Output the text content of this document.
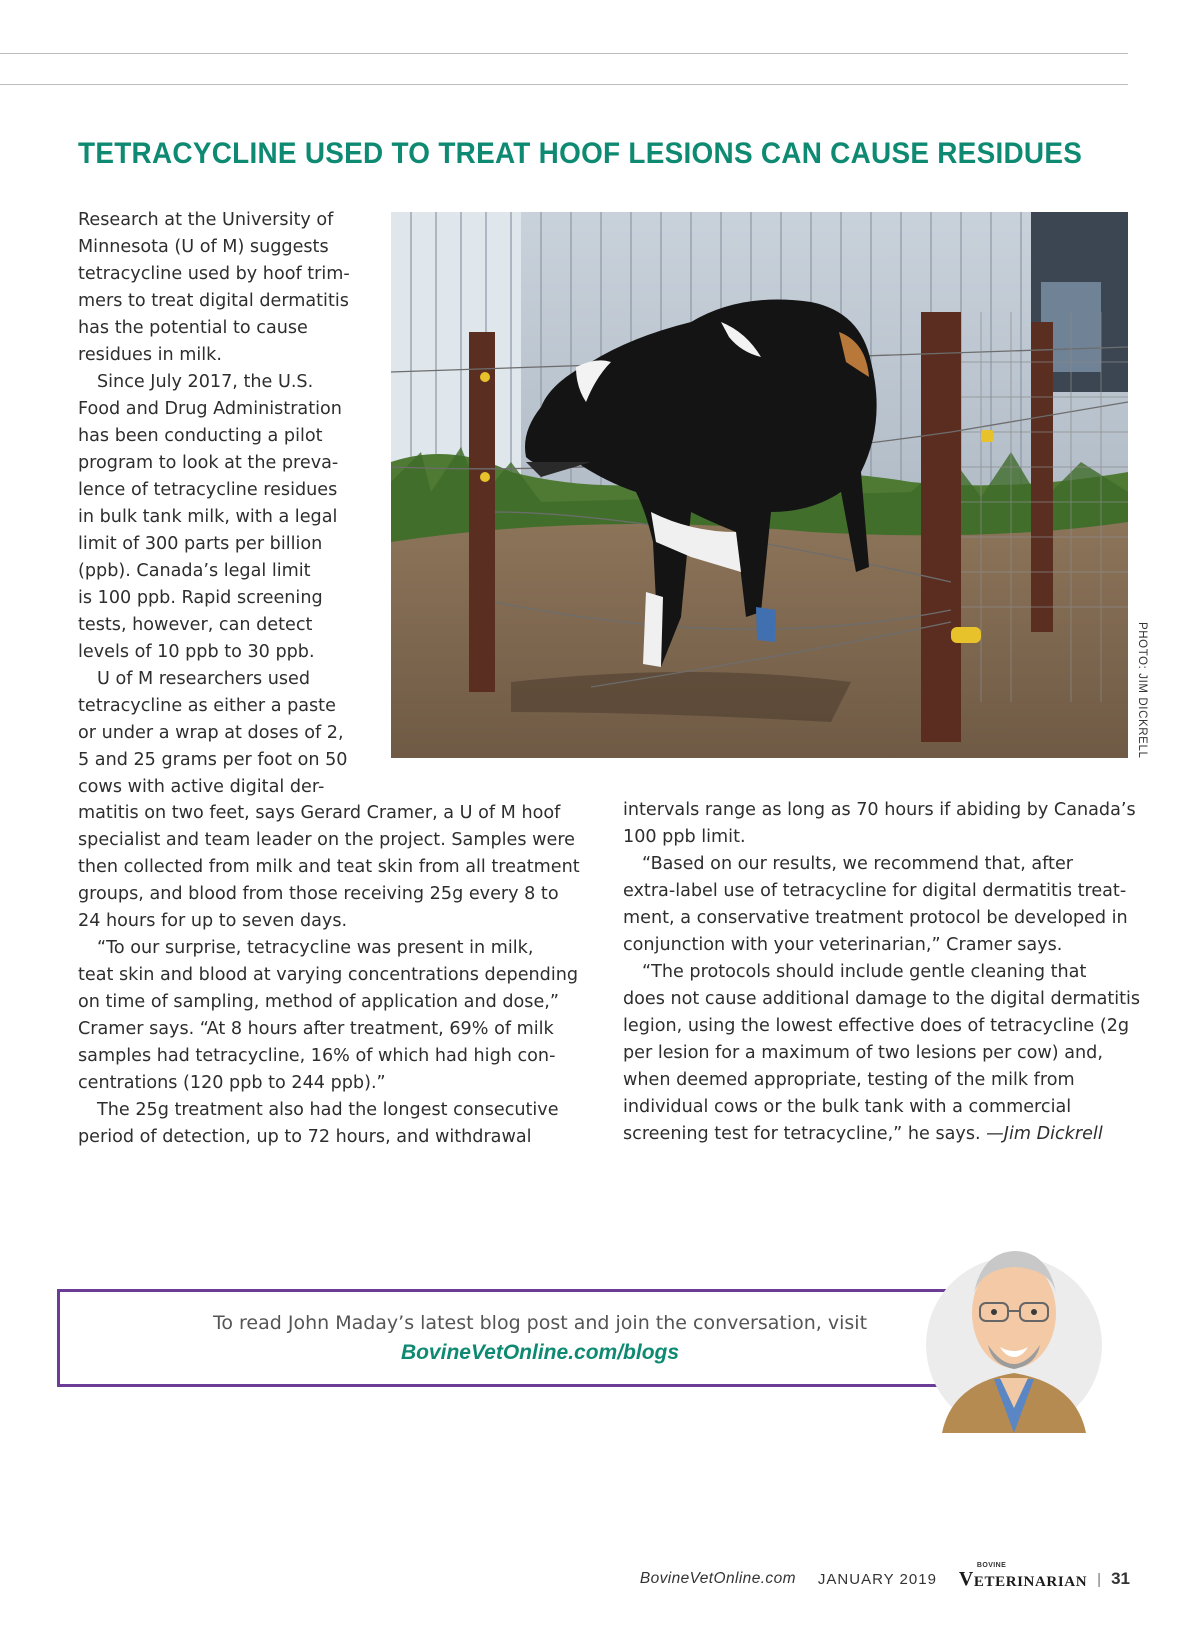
TETRACYCLINE USED TO TREAT HOOF LESIONS CAN CAUSE RESIDUES

Research at the University of
Minnesota (U of M) suggests
tetracycline used by hoof trim-
mers to treat digital dermatitis
has the potential to cause
residues in milk.

Since July 2017, the U.S.
Food and Drug Administration
has been conducting a pilot
program to look at the preva-
lence of tetracycline residues
in bulk tank milk, with a legal
limit of 300 parts per billion
(ppb). Canada’s legal limit
is 100 ppb. Rapid screening
tests, however, can detect
levels of 10 ppb to 30 ppb.

U of M researchers used
tetracycline as either a paste
or under a wrap at doses of 2,
5 and 25 grams per foot on 50
cows with active digital der-

PHOTO: JIM DICKRELL

matitis on two feet, says Gerard Cramer, a U of M hoof
specialist and team leader on the project. Samples were
then collected from milk and teat skin from all treatment
groups, and blood from those receiving 25g every 8 to
24 hours for up to seven days.

“To our surprise, tetracycline was present in milk,
teat skin and blood at varying concentrations depending
on time of sampling, method of application and dose,”
Cramer says. “At 8 hours after treatment, 69% of milk
samples had tetracycline, 16% of which had high con-
centrations (120 ppb to 244 ppb).”

The 25g treatment also had the longest consecutive
period of detection, up to 72 hours, and withdrawal

intervals range as long as 70 hours if abiding by Canada’s
100 ppb limit.

“Based on our results, we recommend that, after
extra-label use of tetracycline for digital dermatitis treat-
ment, a conservative treatment protocol be developed in
conjunction with your veterinarian,” Cramer says.

“The protocols should include gentle cleaning that
does not cause additional damage to the digital dermatitis
legion, using the lowest effective does of tetracycline (2g
per lesion for a maximum of two lesions per cow) and,
when deemed appropriate, testing of the milk from
individual cows or the bulk tank with a commercial
screening test for tetracycline,” he says. —Jim Dickrell

To read John Maday’s latest blog post and join the conversation, visit
BovineVetOnline.com/blogs
BovineVetOnline.com JANUARY 2019
BOVINE
V ETERINARIAN | 31
